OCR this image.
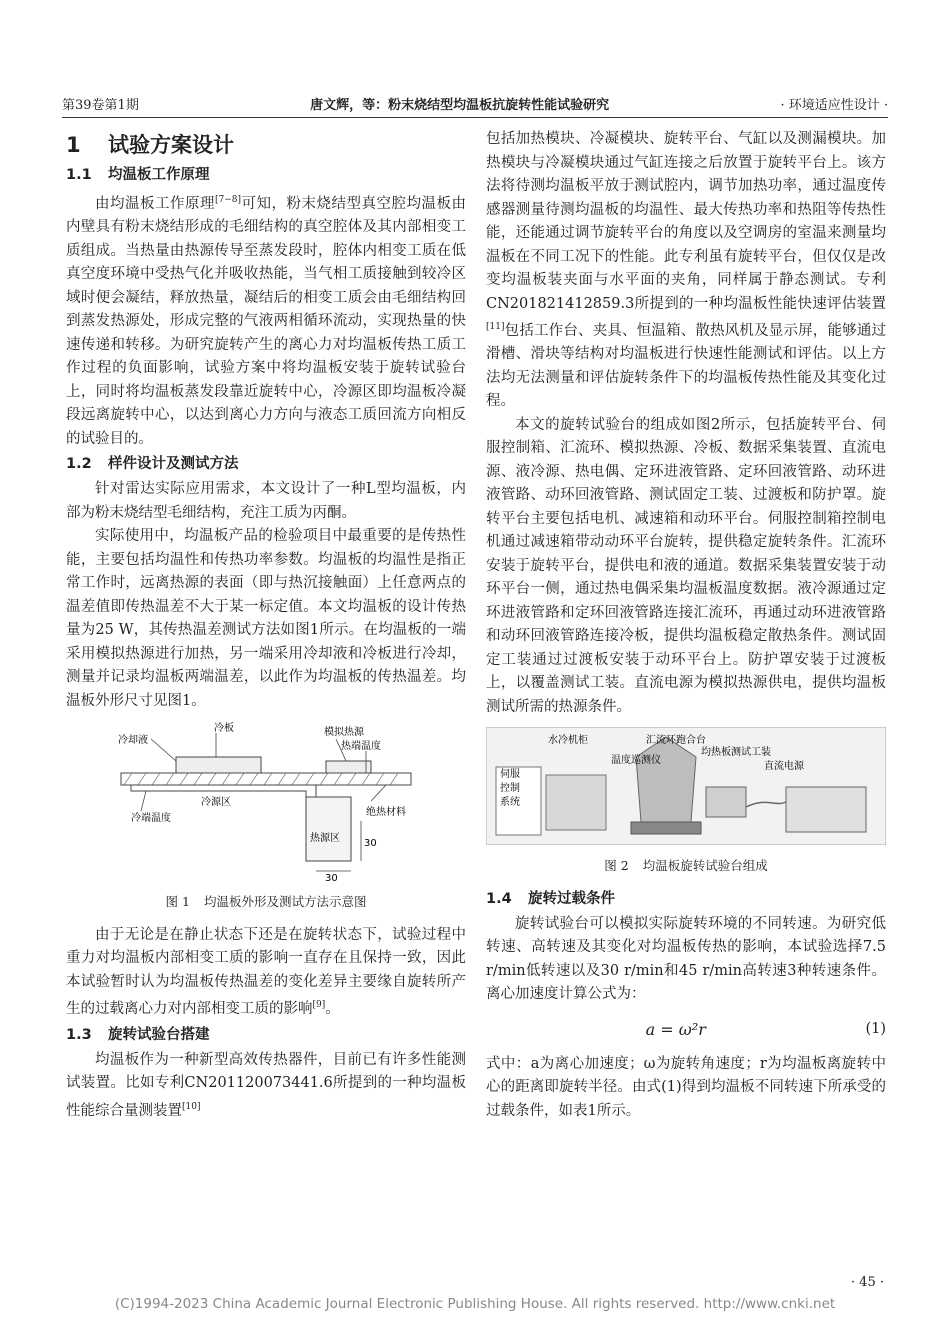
第39卷第1期	唐文辉，等：粉末烧结型均温板抗旋转性能试验研究	· 环境适应性设计 ·
1 试验方案设计
1.1 均温板工作原理

由均温板工作原理[7−8]可知，粉末烧结型真空腔均温板由内壁具有粉末烧结形成的毛细结构的真空腔体及其内部相变工质组成。当热量由热源传导至蒸发段时，腔体内相变工质在低真空度环境中受热气化并吸收热能，当气相工质接触到较冷区域时便会凝结，释放热量，凝结后的相变工质会由毛细结构回到蒸发热源处，形成完整的气液两相循环流动，实现热量的快速传递和转移。为研究旋转产生的离心力对均温板传热工质工作过程的负面影响，试验方案中将均温板安装于旋转试验台上，同时将均温板蒸发段靠近旋转中心，冷源区即均温板冷凝段远离旋转中心，以达到离心力方向与液态工质回流方向相反的试验目的。

1.2 样件设计及测试方法

针对雷达实际应用需求，本文设计了一种L型均温板，内部为粉末烧结型毛细结构，充注工质为丙酮。

实际使用中，均温板产品的检验项目中最重要的是传热性能，主要包括均温性和传热功率参数。均温板的均温性是指正常工作时，远离热源的表面（即与热沉接触面）上任意两点的温差值即传热温差不大于某一标定值。本文均温板的设计传热量为25 W，其传热温差测试方法如图1所示。在均温板的一端采用模拟热源进行加热，另一端采用冷却液和冷板进行冷却，测量并记录均温板两端温差，以此作为均温板的传热温差。均温板外形尺寸见图1。

冷却液
冷板	模拟热源
热端温度
冷端温度
冷源区
绝热材料
热源区 30
30
图 1 均温板外形及测试方法示意图

由于无论是在静止状态下还是在旋转状态下，试验过程中重力对均温板内部相变工质的影响一直存在且保持一致，因此本试验暂时认为均温板传热温差的变化差异主要缘自旋转所产生的过载离心力对内部相变工质的影响[9]。

1.3 旋转试验台搭建

均温板作为一种新型高效传热器件，目前已有许多性能测试装置。比如专利CN201120073441.6所提到的一种均温板性能综合量测装置[10]

包括加热模块、冷凝模块、旋转平台、气缸以及测漏模块。加热模块与冷凝模块通过气缸连接之后放置于旋转平台上。该方法将待测均温板平放于测试腔内，调节加热功率，通过温度传感器测量待测均温板的均温性、最大传热功率和热阻等传热性能，还能通过调节旋转平台的角度以及空调房的室温来测量均温板在不同工况下的性能。此专利虽有旋转平台，但仅仅是改变均温板装夹面与水平面的夹角，同样属于静态测试。专利CN201821412859.3所提到的一种均温板性能快速评估装置[11]包括工作台、夹具、恒温箱、散热风机及显示屏，能够通过滑槽、滑块等结构对均温板进行快速性能测试和评估。以上方法均无法测量和评估旋转条件下的均温板传热性能及其变化过程。

本文的旋转试验台的组成如图2所示，包括旋转平台、伺服控制箱、汇流环、模拟热源、冷板、数据采集装置、直流电源、液冷源、热电偶、定环进液管路、定环回液管路、动环进液管路、动环回液管路、测试固定工装、过渡板和防护罩。旋转平台主要包括电机、减速箱和动环平台。伺服控制箱控制电机通过减速箱带动动环平台旋转，提供稳定旋转条件。汇流环安装于旋转平台，提供电和液的通道。数据采集装置安装于动环平台一侧，通过热电偶采集均温板温度数据。液冷源通过定环进液管路和定环回液管路连接汇流环，再通过动环进液管路和动环回液管路连接冷板，提供均温板稳定散热条件。测试固定工装通过过渡板安装于动环平台上。防护罩安装于过渡板上，以覆盖测试工装。直流电源为模拟热源供电，提供均温板测试所需的热源条件。

水冷机柜	汇流环跑合台
伺服
控制
系统
温度巡测仪
均热板测试工装
直流电源
图 2 均温板旋转试验台组成
1.4 旋转过载条件

旋转试验台可以模拟实际旋转环境的不同转速。为研究低转速、高转速及其变化对均温板传热的影响，本试验选择7.5 r/min低转速以及30 r/min和45 r/min高转速3种转速条件。离心加速度计算公式为：

a = ω²r	(1)

式中：a为离心加速度；ω为旋转角速度；r为均温板离旋转中心的距离即旋转半径。由式(1)得到均温板不同转速下所承受的过载条件，如表1所示。

· 45 ·
(C)1994-2023 China Academic Journal Electronic Publishing House. All rights reserved. http://www.cnki.net
